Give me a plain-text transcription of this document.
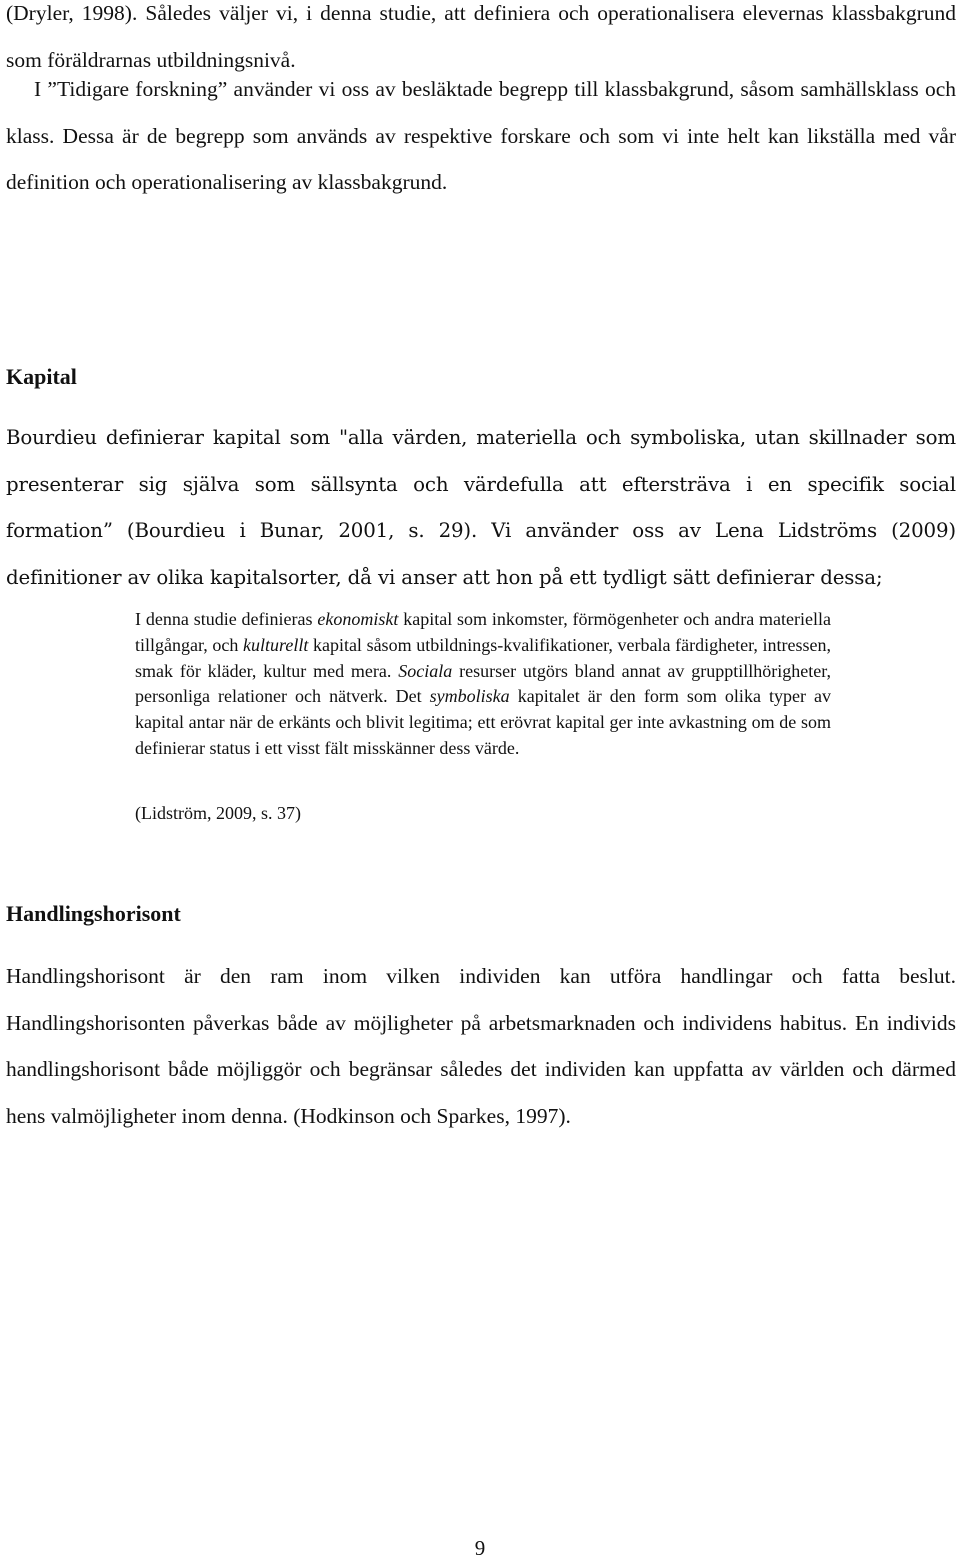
(Dryler, 1998). Således väljer vi, i denna studie, att definiera och operationalisera elevernas klassbakgrund som föräldrarnas utbildningsnivå.

I ”Tidigare forskning” använder vi oss av besläktade begrepp till klassbakgrund, såsom samhällsklass och klass. Dessa är de begrepp som används av respektive forskare och som vi inte helt kan likställa med vår definition och operationalisering av klassbakgrund.

Kapital

Bourdieu definierar kapital som "alla värden, materiella och symboliska, utan skillnader som presenterar sig själva som sällsynta och värdefulla att eftersträva i en specifik social formation” (Bourdieu i Bunar, 2001, s. 29). Vi använder oss av Lena Lidströms (2009) definitioner av olika kapitalsorter, då vi anser att hon på ett tydligt sätt definierar dessa;

I denna studie definieras ekonomiskt kapital som inkomster, förmögenheter och andra materiella tillgångar, och kulturellt kapital såsom utbildnings-kvalifikationer, verbala färdigheter, intressen, smak för kläder, kultur med mera. Sociala resurser utgörs bland annat av grupptillhörigheter, personliga relationer och nätverk. Det symboliska kapitalet är den form som olika typer av kapital antar när de erkänts och blivit legitima; ett erövrat kapital ger inte avkastning om de som definierar status i ett visst fält misskänner dess värde.

(Lidström, 2009, s. 37)

Handlingshorisont

Handlingshorisont är den ram inom vilken individen kan utföra handlingar och fatta beslut. Handlingshorisonten påverkas både av möjligheter på arbetsmarknaden och individens habitus. En individs handlingshorisont både möjliggör och begränsar således det individen kan uppfatta av världen och därmed hens valmöjligheter inom denna. (Hodkinson och Sparkes, 1997).

9
